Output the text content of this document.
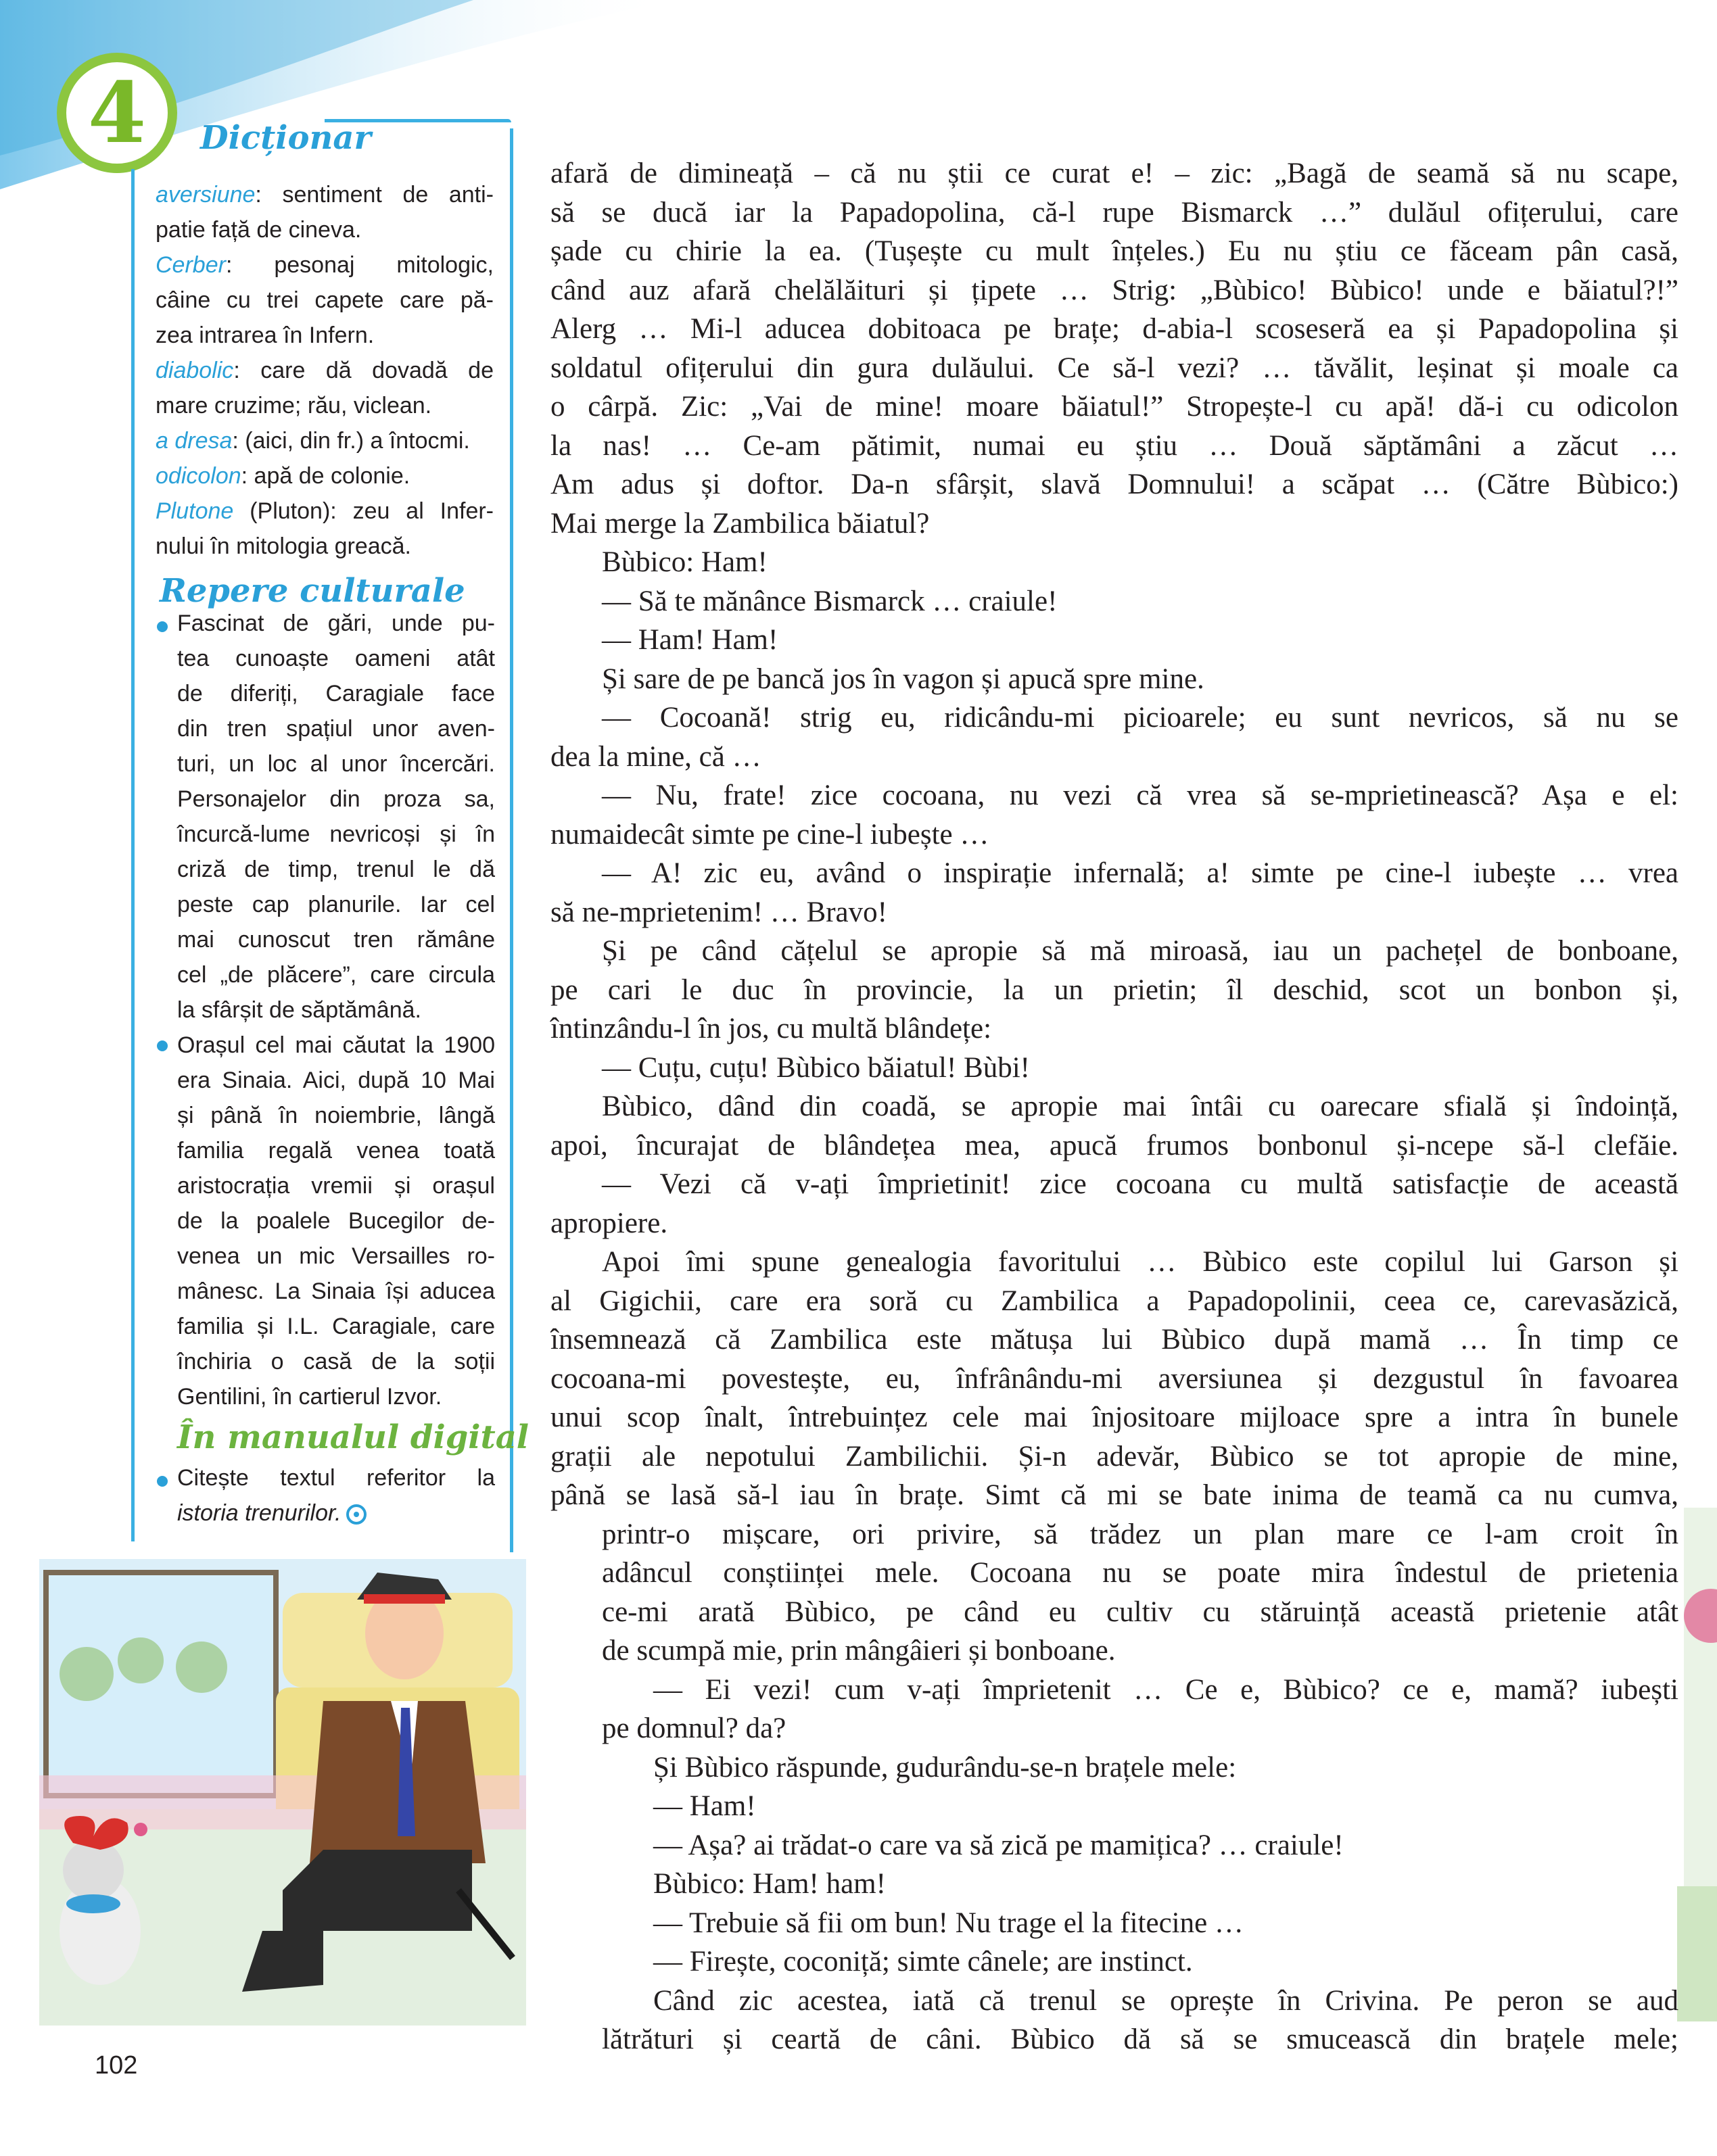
4	Dicționar
aversiune: sentiment de anti-
patie față de cineva.
Cerber: pesonaj mitologic,
câine cu trei capete care pă-
zea intrarea în Infern.
diabolic: care dă dovadă de
mare cruzime; rău, viclean.
a dresa: (aici, din fr.) a întocmi.
odicolon: apă de colonie.
Plutone (Pluton): zeu al Infer-
nului în mitologia greacă.
Repere culturale
Fascinat de gări, unde pu-
tea cunoaște oameni atât
de diferiți, Caragiale face
din tren spațiul unor aven-
turi, un loc al unor încercări.
Personajelor din proza sa,
încurcă-lume nevricoși și în
criză de timp, trenul le dă
peste cap planurile. Iar cel
mai cunoscut tren rămâne
cel „de plăcere”, care circula
la sfârșit de săptămână.
Orașul cel mai căutat la 1900
era Sinaia. Aici, după 10 Mai
și până în noiembrie, lângă
familia regală venea toată
aristocrația vremii și orașul
de la poalele Bucegilor de-
venea un mic Versailles ro-
mânesc. La Sinaia își aducea
familia și I.L. Caragiale, care
închiria o casă de la soții
Gentilini, în cartierul Izvor.
În manualul digital
Citește textul referitor la
istoria trenurilor.
102
afară de dimineață – că nu știi ce curat e! – zic: „Bagă de seamă să nu scape,
să se ducă iar la Papadopolina, că-l rupe Bismarck …” dulăul ofițerului, care
șade cu chirie la ea. (Tușește cu mult înțeles.) Eu nu știu ce făceam pân casă,
când auz afară chelălăituri și țipete … Strig: „Bùbico! Bùbico! unde e băiatul?!”
Alerg … Mi-l aducea dobitoaca pe brațe; d-abia-l scoseseră ea și Papadopolina și
soldatul ofițerului din gura dulăului. Ce să-l vezi? … tăvălit, leșinat și moale ca
o cârpă. Zic: „Vai de mine! moare băiatul!” Stropește-l cu apă! dă-i cu odicolon
la nas! … Ce-am pătimit, numai eu știu … Două săptămâni a zăcut …
Am adus și doftor. Da-n sfârșit, slavă Domnului! a scăpat … (Către Bùbico:)
Mai merge la Zambilica băiatul?
Bùbico: Ham!
— Să te mănânce Bismarck … craiule!
— Ham! Ham!
Și sare de pe bancă jos în vagon și apucă spre mine.
— Cocoană! strig eu, ridicându-mi picioarele; eu sunt nevricos, să nu se
dea la mine, că …
— Nu, frate! zice cocoana, nu vezi că vrea să se-mprietinească? Așa e el:
numaidecât simte pe cine-l iubește …
— A! zic eu, având o inspirație infernală; a! simte pe cine-l iubește … vrea
să ne-mprietenim! … Bravo!
Și pe când cățelul se apropie să mă miroasă, iau un pachețel de bonboane,
pe cari le duc în provincie, la un prietin; îl deschid, scot un bonbon și,
întinzându-l în jos, cu multă blândețe:
— Cuțu, cuțu! Bùbico băiatul! Bùbi!
Bùbico, dând din coadă, se apropie mai întâi cu oarecare sfială și îndoință,
apoi, încurajat de blândețea mea, apucă frumos bonbonul și-ncepe să-l clefăie.
— Vezi că v-ați împrietinit! zice cocoana cu multă satisfacție de această
apropiere.
Apoi îmi spune genealogia favoritului … Bùbico este copilul lui Garson și
al Gigichii, care era soră cu Zambilica a Papadopolinii, ceea ce, carevasăzică,
însemnează că Zambilica este mătușa lui Bùbico după mamă … În timp ce
cocoana-mi povestește, eu, înfrânându-mi aversiunea și dezgustul în favoarea
unui scop înalt, întrebuințez cele mai înjositoare mijloace spre a intra în bunele
grații ale nepotului Zambilichii. Și-n adevăr, Bùbico se tot apropie de mine,
până se lasă să-l iau în brațe. Simt că mi se bate inima de teamă ca nu cumva,
printr-o mișcare, ori privire, să trădez un plan mare ce l-am croit în
adâncul conștiinței mele. Cocoana nu se poate mira îndestul de prietenia
ce-mi arată Bùbico, pe când eu cultiv cu stăruință această prietenie atât
de scumpă mie, prin mângâieri și bonboane.
— Ei vezi! cum v-ați împrietenit … Ce e, Bùbico? ce e, mamă? iubești
pe domnul? da?
Și Bùbico răspunde, gudurându-se-n brațele mele:
— Ham!
— Așa? ai trădat-o care va să zică pe mamițica? … craiule!
Bùbico: Ham! ham!
— Trebuie să fii om bun! Nu trage el la fitecine …
— Firește, coconiță; simte cânele; are instinct.
Când zic acestea, iată că trenul se oprește în Crivina. Pe peron se aud
lătrături și ceartă de câni. Bùbico dă să se smucească din brațele mele;
